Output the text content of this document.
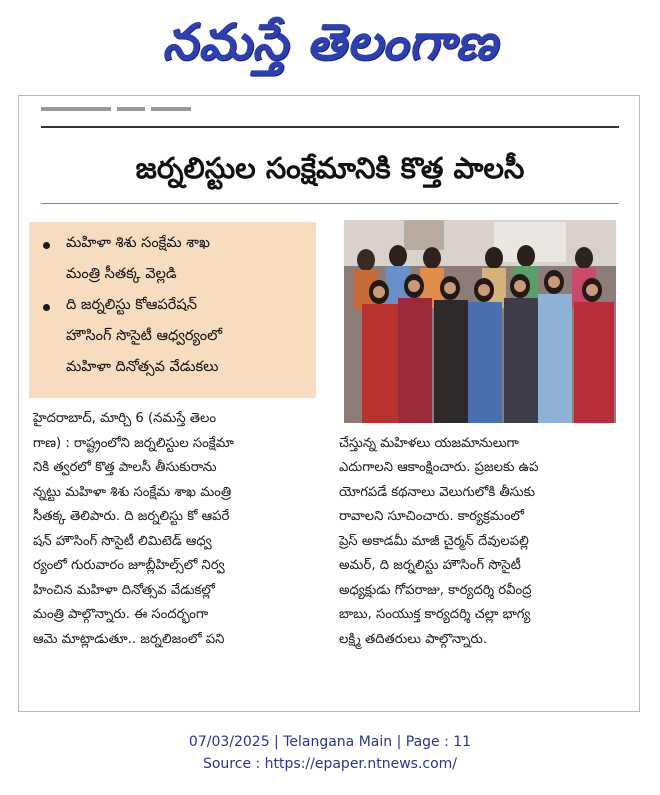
నమస్తే తెలంగాణ
జర్నలిస్టుల సంక్షేమానికి కొత్త పాలసీ
మహిళా శిశు సంక్షేమ శాఖ
మంత్రి సీతక్క వెల్లడి
ది జర్నలిస్టు కోఆపరేషన్
హౌసింగ్ సొసైటీ ఆధ్వర్యంలో
మహిళా దినోత్సవ వేడుకలు
హైదరాబాద్, మార్చి 6 (నమస్తే తెలం
గాణ) : రాష్ట్రంలోని జర్నలిస్టుల సంక్షేమా
నికి త్వరలో కొత్త పాలసీ తీసుకురాను
న్నట్టు మహిళా శిశు సంక్షేమ శాఖ మంత్రి
సీతక్క తెలిపారు. ది జర్నలిస్టు కో ఆపరే
షన్ హౌసింగ్ సొసైటీ లిమిటెడ్ ఆధ్వ
ర్యంలో గురువారం జూబ్లీహిల్స్‌లో నిర్వ
హించిన మహిళా దినోత్సవ వేడుకల్లో
మంత్రి పాల్గొన్నారు. ఈ సందర్భంగా
ఆమె మాట్లాడుతూ.. జర్నలిజంలో పని
చేస్తున్న మహిళలు యజమానులుగా
ఎదుగాలని ఆకాంక్షించారు. ప్రజలకు ఉప
యోగపడే కథనాలు వెలుగులోకి తీసుకు
రావాలని సూచించారు. కార్యక్రమంలో
ప్రెస్ అకాడమీ మాజీ చైర్మన్ దేవులపల్లి
అమర్, ది జర్నలిస్టు హౌసింగ్ సొసైటీ
అధ్యక్షుడు గోపరాజు, కార్యదర్శి రవీంద్ర
బాబు, సంయుక్త కార్యదర్శి చల్లా భాగ్య
లక్ష్మి తదితరులు పాల్గొన్నారు.
07/03/2025 | Telangana Main | Page : 11
Source : https://epaper.ntnews.com/
